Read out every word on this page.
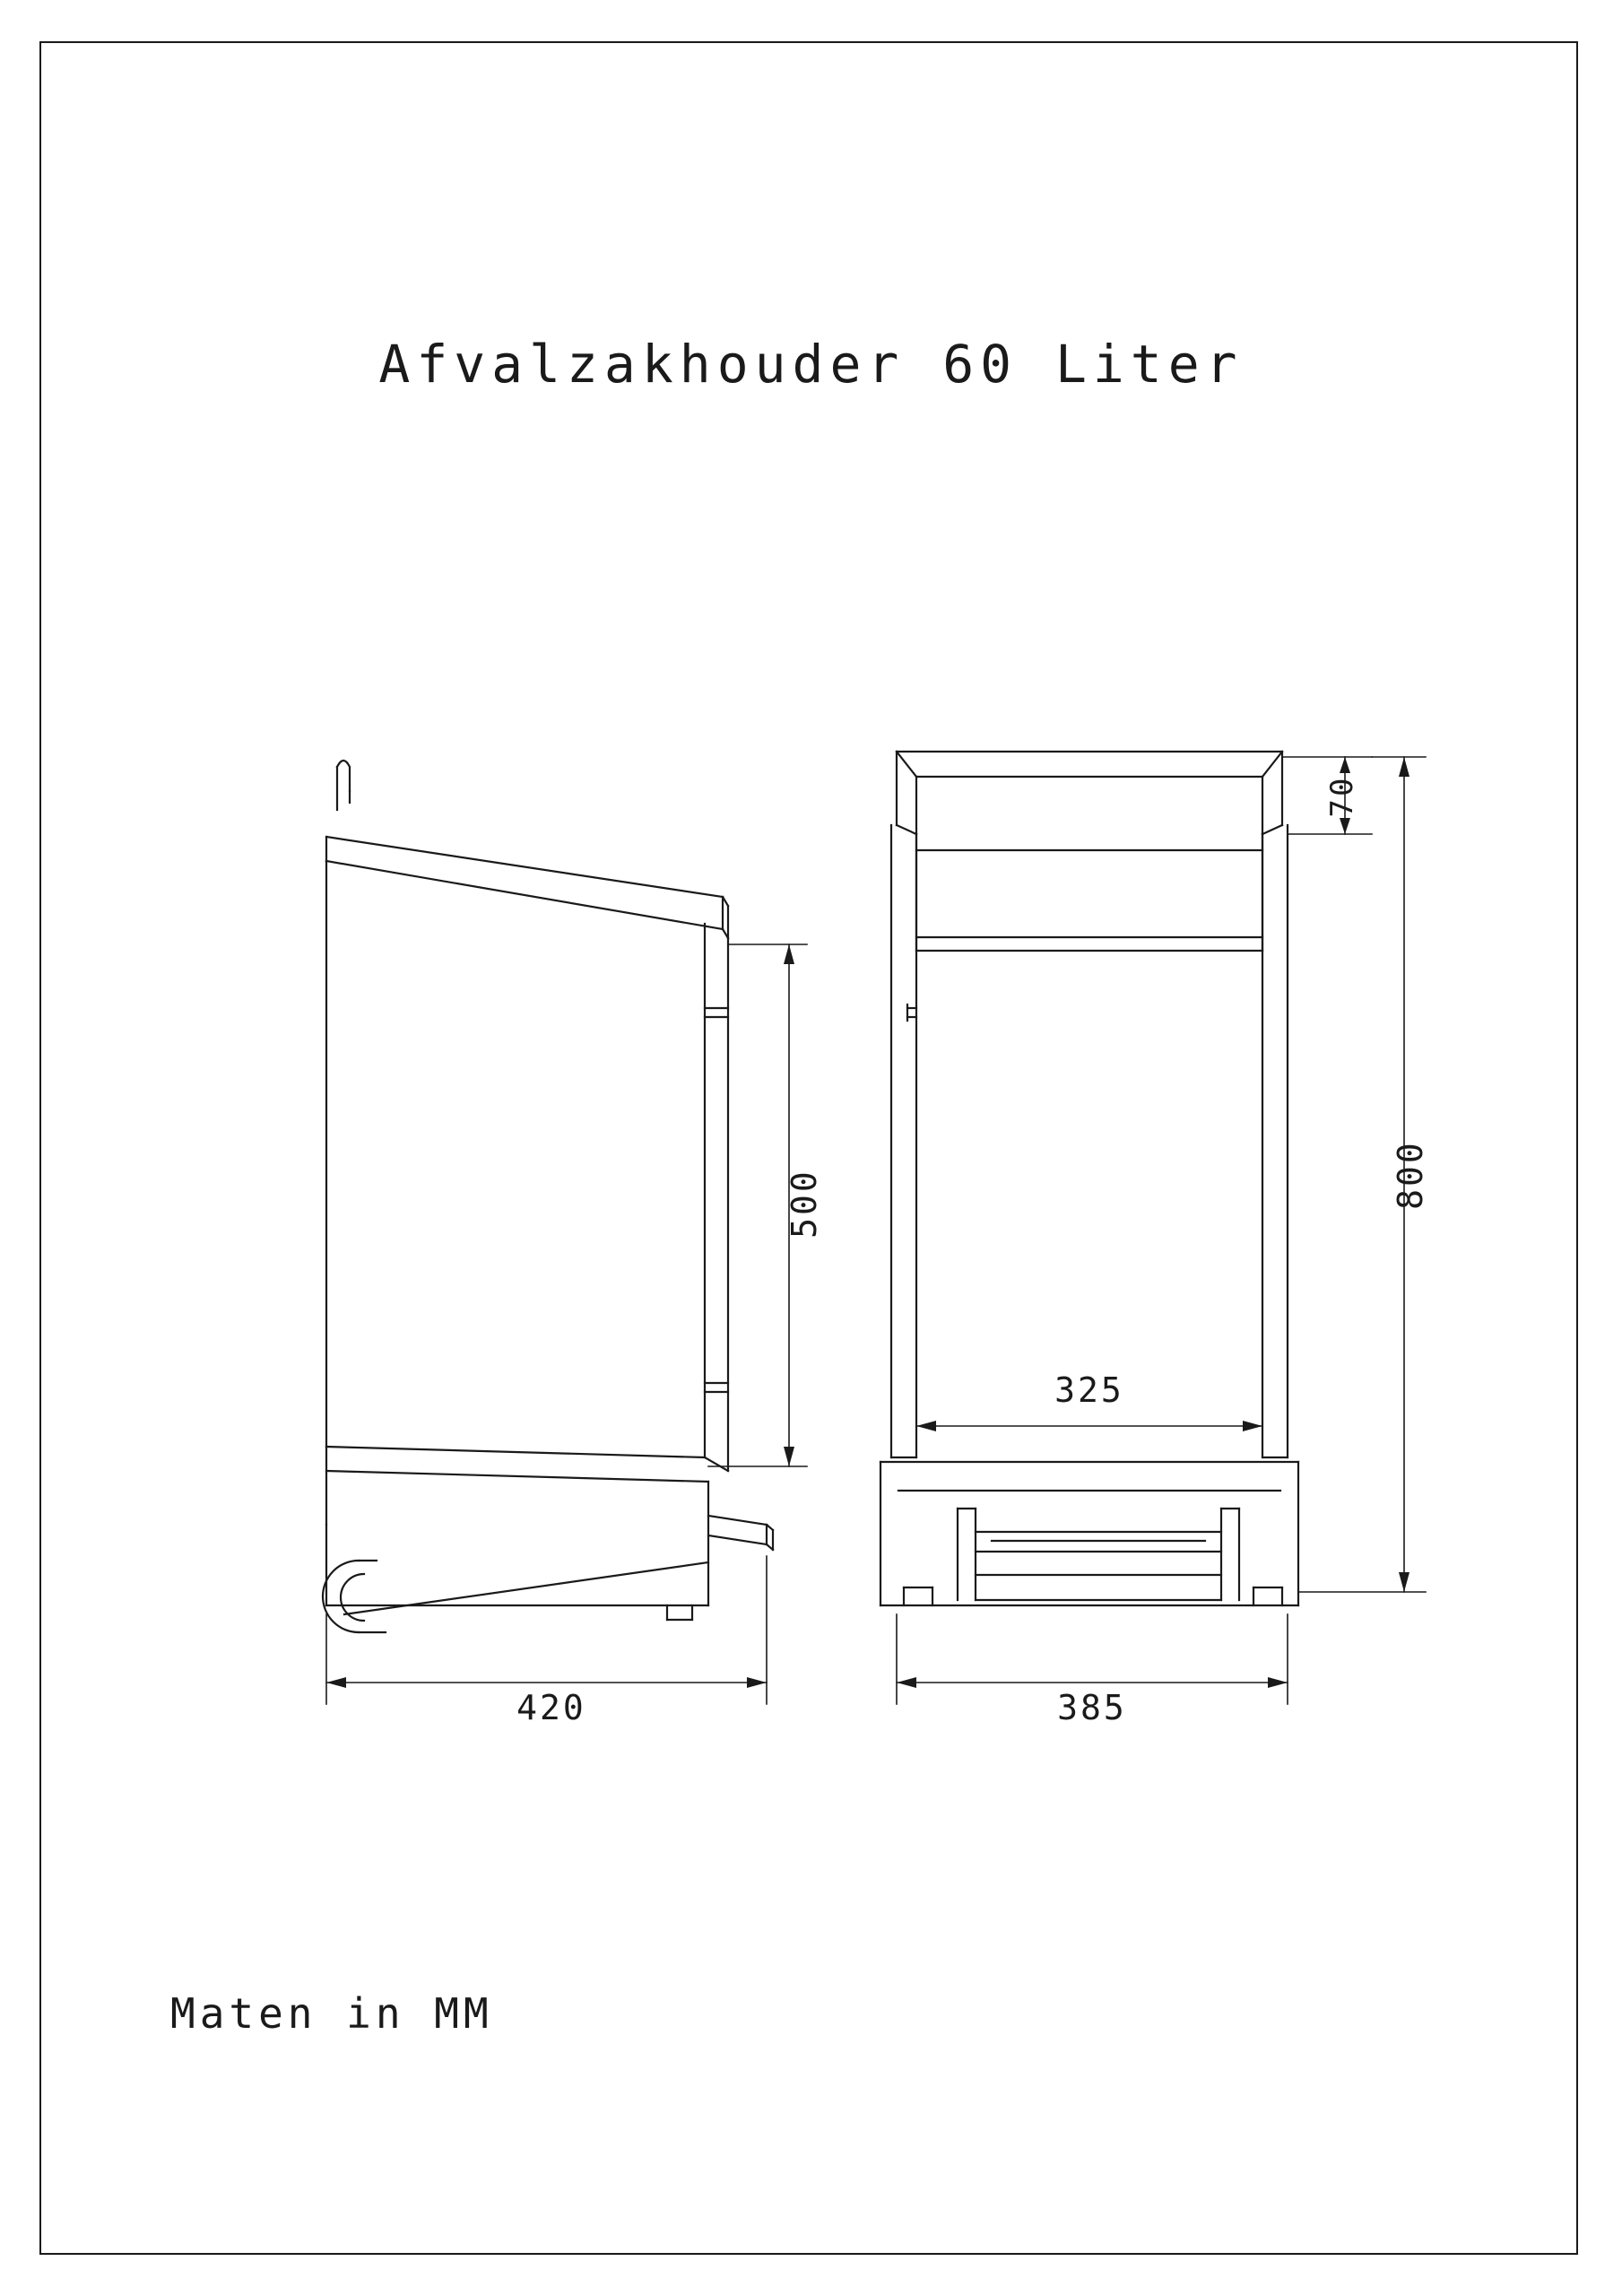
Afvalzakhouder 60 Liter
500
420
70
800
325
385
Maten in MM
